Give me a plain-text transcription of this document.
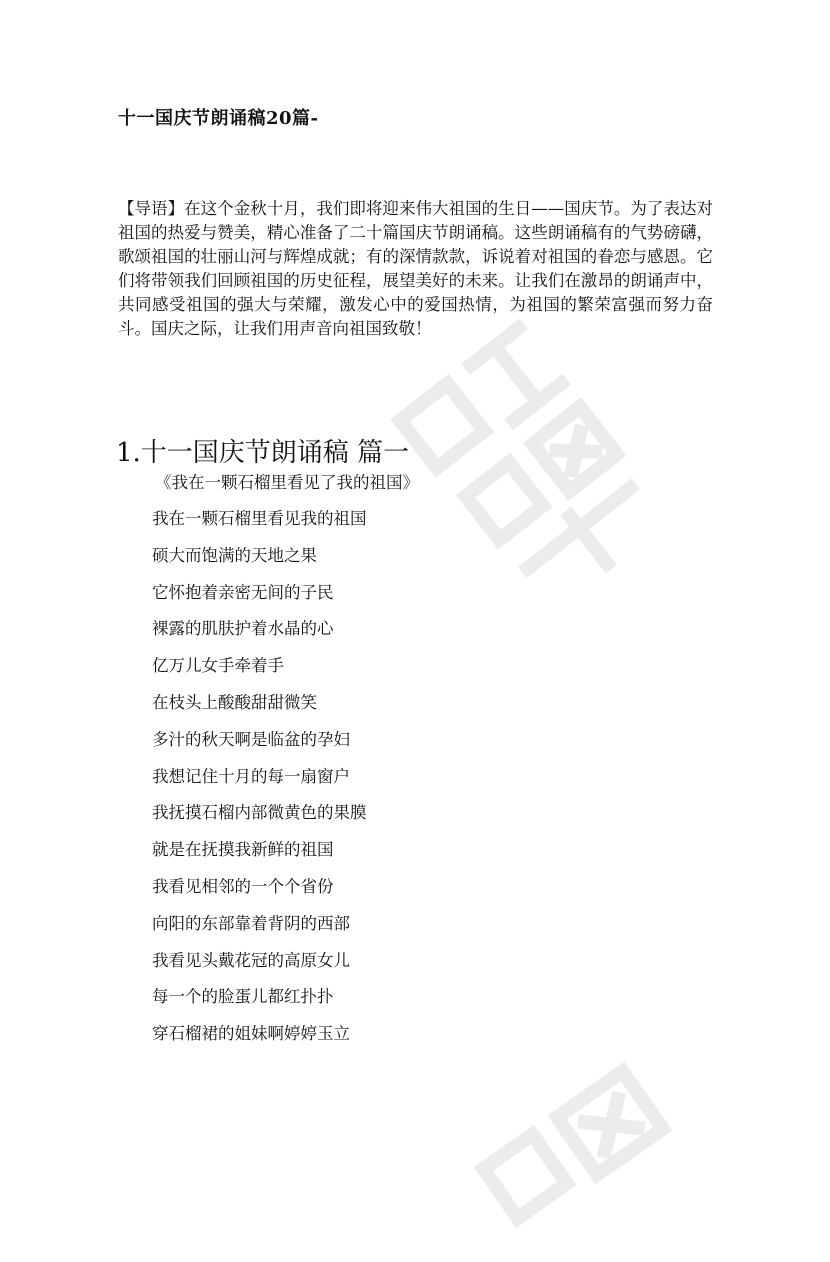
十一国庆节朗诵稿20篇-
【导语】在这个金秋十月，我们即将迎来伟大祖国的生日——国庆节。为了表达对祖国的热爱与赞美，精心准备了二十篇国庆节朗诵稿。这些朗诵稿有的气势磅礴，歌颂祖国的壮丽山河与辉煌成就；有的深情款款，诉说着对祖国的眷恋与感恩。它们将带领我们回顾祖国的历史征程，展望美好的未来。让我们在激昂的朗诵声中，共同感受祖国的强大与荣耀，激发心中的爱国热情，为祖国的繁荣富强而努力奋斗。国庆之际，让我们用声音向祖国致敬！
1.十一国庆节朗诵稿 篇一
《我在一颗石榴里看见了我的祖国》
我在一颗石榴里看见我的祖国
硕大而饱满的天地之果
它怀抱着亲密无间的子民
裸露的肌肤护着水晶的心
亿万儿女手牵着手
在枝头上酸酸甜甜微笑
多汁的秋天啊是临盆的孕妇
我想记住十月的每一扇窗户
我抚摸石榴内部微黄色的果膜
就是在抚摸我新鲜的祖国
我看见相邻的一个个省份
向阳的东部靠着背阴的西部
我看见头戴花冠的高原女儿
每一个的脸蛋儿都红扑扑
穿石榴裙的姐妹啊婷婷玉立
